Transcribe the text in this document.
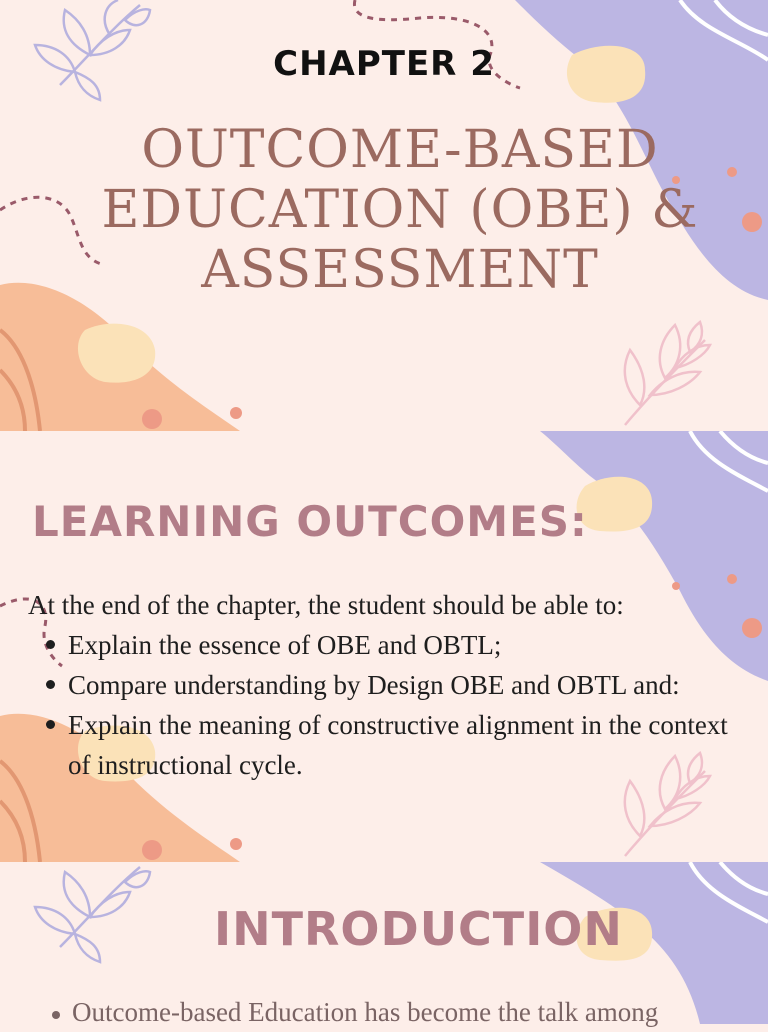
CHAPTER 2
OUTCOME-BASED
EDUCATION (OBE) &
ASSESSMENT
LEARNING OUTCOMES:
At the end of the chapter, the student should be able to:
Explain the essence of OBE and OBTL;
Compare understanding by Design OBE and OBTL and:
Explain the meaning of constructive alignment in the context of instructional cycle.
INTRODUCTION
Outcome-based Education has become the talk among
